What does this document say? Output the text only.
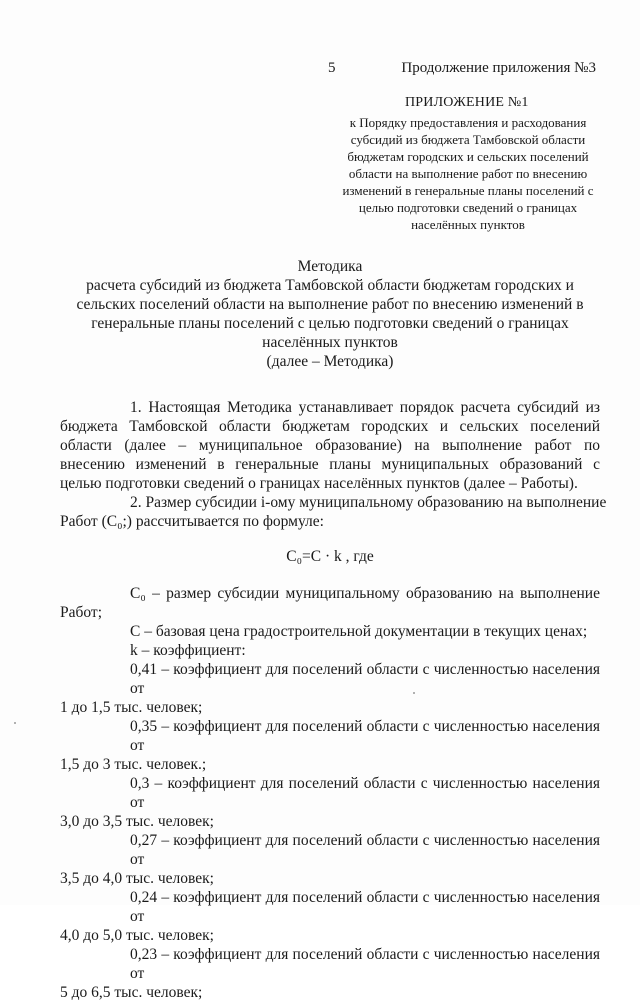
5	Продолжение приложения №3
ПРИЛОЖЕНИЕ №1
к Порядку предоставления и расходования
субсидий из бюджета Тамбовской области
бюджетам городских и сельских поселений
области на выполнение работ по внесению
изменений в генеральные планы поселений с
целью подготовки сведений о границах
населённых пунктов
Методика
расчета субсидий из бюджета Тамбовской области бюджетам городских и
сельских поселений области на выполнение работ по внесению изменений в
генеральные планы поселений с целью подготовки сведений о границах
населённых пунктов
(далее – Методика)
1. Настоящая Методика устанавливает порядок расчета субсидий из
бюджета Тамбовской области бюджетам городских и сельских поселений
области (далее – муниципальное образование) на выполнение работ по
внесению изменений в генеральные планы муниципальных образований с
целью подготовки сведений о границах населённых пунктов (далее – Работы).
2. Размер субсидии i-ому муниципальному образованию на выполнение
Работ (С₀;) рассчитывается по формуле:
С₀=С · k , где
С₀ – размер субсидии муниципальному образованию на выполнение
Работ;
С – базовая цена градостроительной документации в текущих ценах;
k – коэффициент:
0,41 – коэффициент для поселений области с численностью населения от
1 до 1,5 тыс. человек;
0,35 – коэффициент для поселений области с численностью населения от
1,5 до 3 тыс. человек.;
0,3 – коэффициент для поселений области с численностью населения от
3,0 до 3,5 тыс. человек;
0,27 – коэффициент для поселений области с численностью населения от
3,5 до 4,0 тыс. человек;
0,24 – коэффициент для поселений области с численностью населения от
4,0 до 5,0 тыс. человек;
0,23 – коэффициент для поселений области с численностью населения от
5 до 6,5 тыс. человек;
